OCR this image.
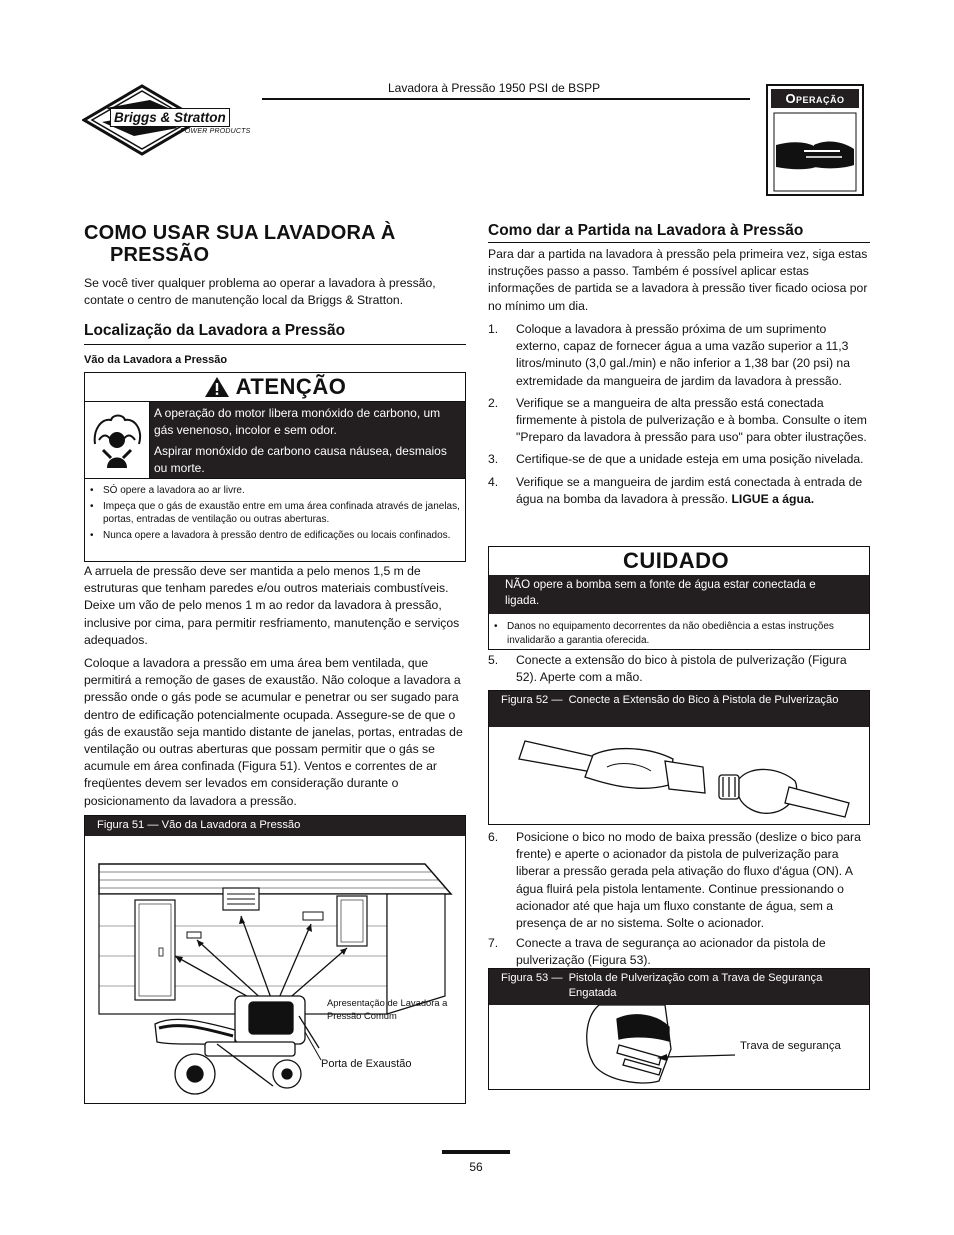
Briggs & Stratton
POWER PRODUCTS
Lavadora à Pressão 1950 PSI de BSPP
Operação
COMO USAR SUA LAVADORA À
PRESSÃO

Se você tiver qualquer problema ao operar a lavadora à pressão, contate o centro de manutenção local da Briggs & Stratton.

Localização da Lavadora a Pressão
Vão da Lavadora a Pressão
ATENÇÃO
A operação do motor libera monóxido de carbono, um gás venenoso, incolor e sem odor.
Aspirar monóxido de carbono causa náusea, desmaios ou morte.
• SÓ opere a lavadora ao ar livre.
• Impeça que o gás de exaustão entre em uma área confinada através de janelas, portas, entradas de ventilação ou outras aberturas.
• Nunca opere a lavadora à pressão dentro de edificações ou locais confinados.

A arruela de pressão deve ser mantida a pelo menos 1,5 m de estruturas que tenham paredes e/ou outros materiais combustíveis. Deixe um vão de pelo menos 1 m ao redor da lavadora à pressão, inclusive por cima, para permitir resfriamento, manutenção e serviços adequados.

Coloque a lavadora a pressão em uma área bem ventilada, que permitirá a remoção de gases de exaustão. Não coloque a lavadora a pressão onde o gás pode se acumular e penetrar ou ser sugado para dentro de edificação potencialmente ocupada. Assegure-se de que o gás de exaustão seja mantido distante de janelas, portas, entradas de ventilação ou outras aberturas que possam permitir que o gás se acumule em área confinada (Figura 51). Ventos e correntes de ar freqüentes devem ser levados em consideração durante o posicionamento da lavadora a pressão.

Figura 51 — Vão da Lavadora a Pressão
Apresentação de Lavadora a Pressão Comum
Porta de Exaustão
Como dar a Partida na Lavadora à Pressão

Para dar a partida na lavadora à pressão pela primeira vez, siga estas instruções passo a passo. Também é possível aplicar estas informações de partida se a lavadora à pressão tiver ficado ociosa por no mínimo um dia.

1. Coloque a lavadora à pressão próxima de um suprimento externo, capaz de fornecer água a uma vazão superior a 11,3 litros/minuto (3,0 gal./min) e não inferior a 1,38 bar (20 psi) na extremidade da mangueira de jardim da lavadora à pressão.
2. Verifique se a mangueira de alta pressão está conectada firmemente à pistola de pulverização e à bomba. Consulte o item "Preparo da lavadora à pressão para uso" para obter ilustrações.
3. Certifique-se de que a unidade esteja em uma posição nivelada.
4. Verifique se a mangueira de jardim está conectada à entrada de água na bomba da lavadora à pressão. LIGUE a água.
CUIDADO
NÃO opere a bomba sem a fonte de água estar conectada e ligada.
• Danos no equipamento decorrentes da não obediência a estas instruções invalidarão a garantia oferecida.
5. Conecte a extensão do bico à pistola de pulverização (Figura 52). Aperte com a mão.
Figura 52 — Conecte a Extensão do Bico à Pistola de Pulverização
6. Posicione o bico no modo de baixa pressão (deslize o bico para frente) e aperte o acionador da pistola de pulverização para liberar a pressão gerada pela ativação do fluxo d'água (ON). A água fluirá pela pistola lentamente. Continue pressionando o acionador até que haja um fluxo constante de água, sem a presença de ar no sistema. Solte o acionador.
7. Conecte a trava de segurança ao acionador da pistola de pulverização (Figura 53).
Figura 53 — Pistola de Pulverização com a Trava de Segurança Engatada
Trava de segurança
56
